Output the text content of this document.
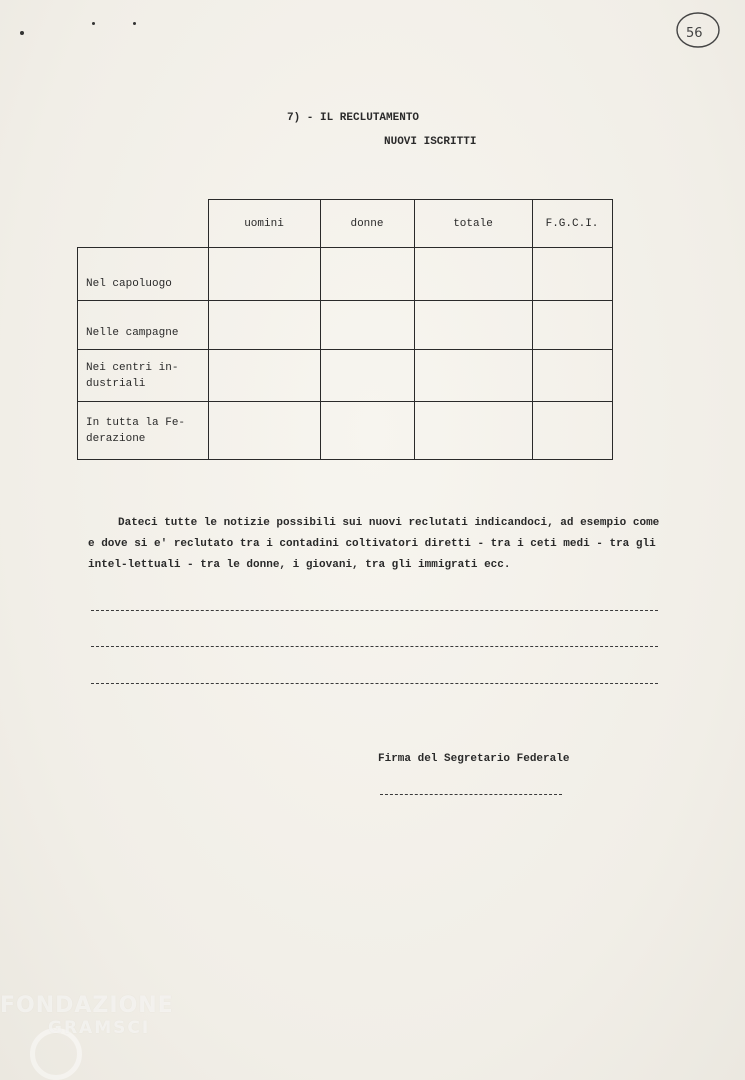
56
7) - IL RECLUTAMENTO
NUOVI ISCRITTI
	uomini	donne	totale	F.G.C.I.
Nel capoluogo				
Nelle campagne				

Nei centri in-
dustriali				

In tutta la Fe-
derazione				

Dateci tutte le notizie possibili sui nuovi reclutati indicandoci, ad esempio come e dove si e' reclutato tra i contadini coltivatori diretti - tra i ceti medi - tra gli intel-lettuali - tra le donne, i giovani, tra gli immigrati ecc.
Firma del Segretario Federale
FONDAZIONE
GRAMSCI
